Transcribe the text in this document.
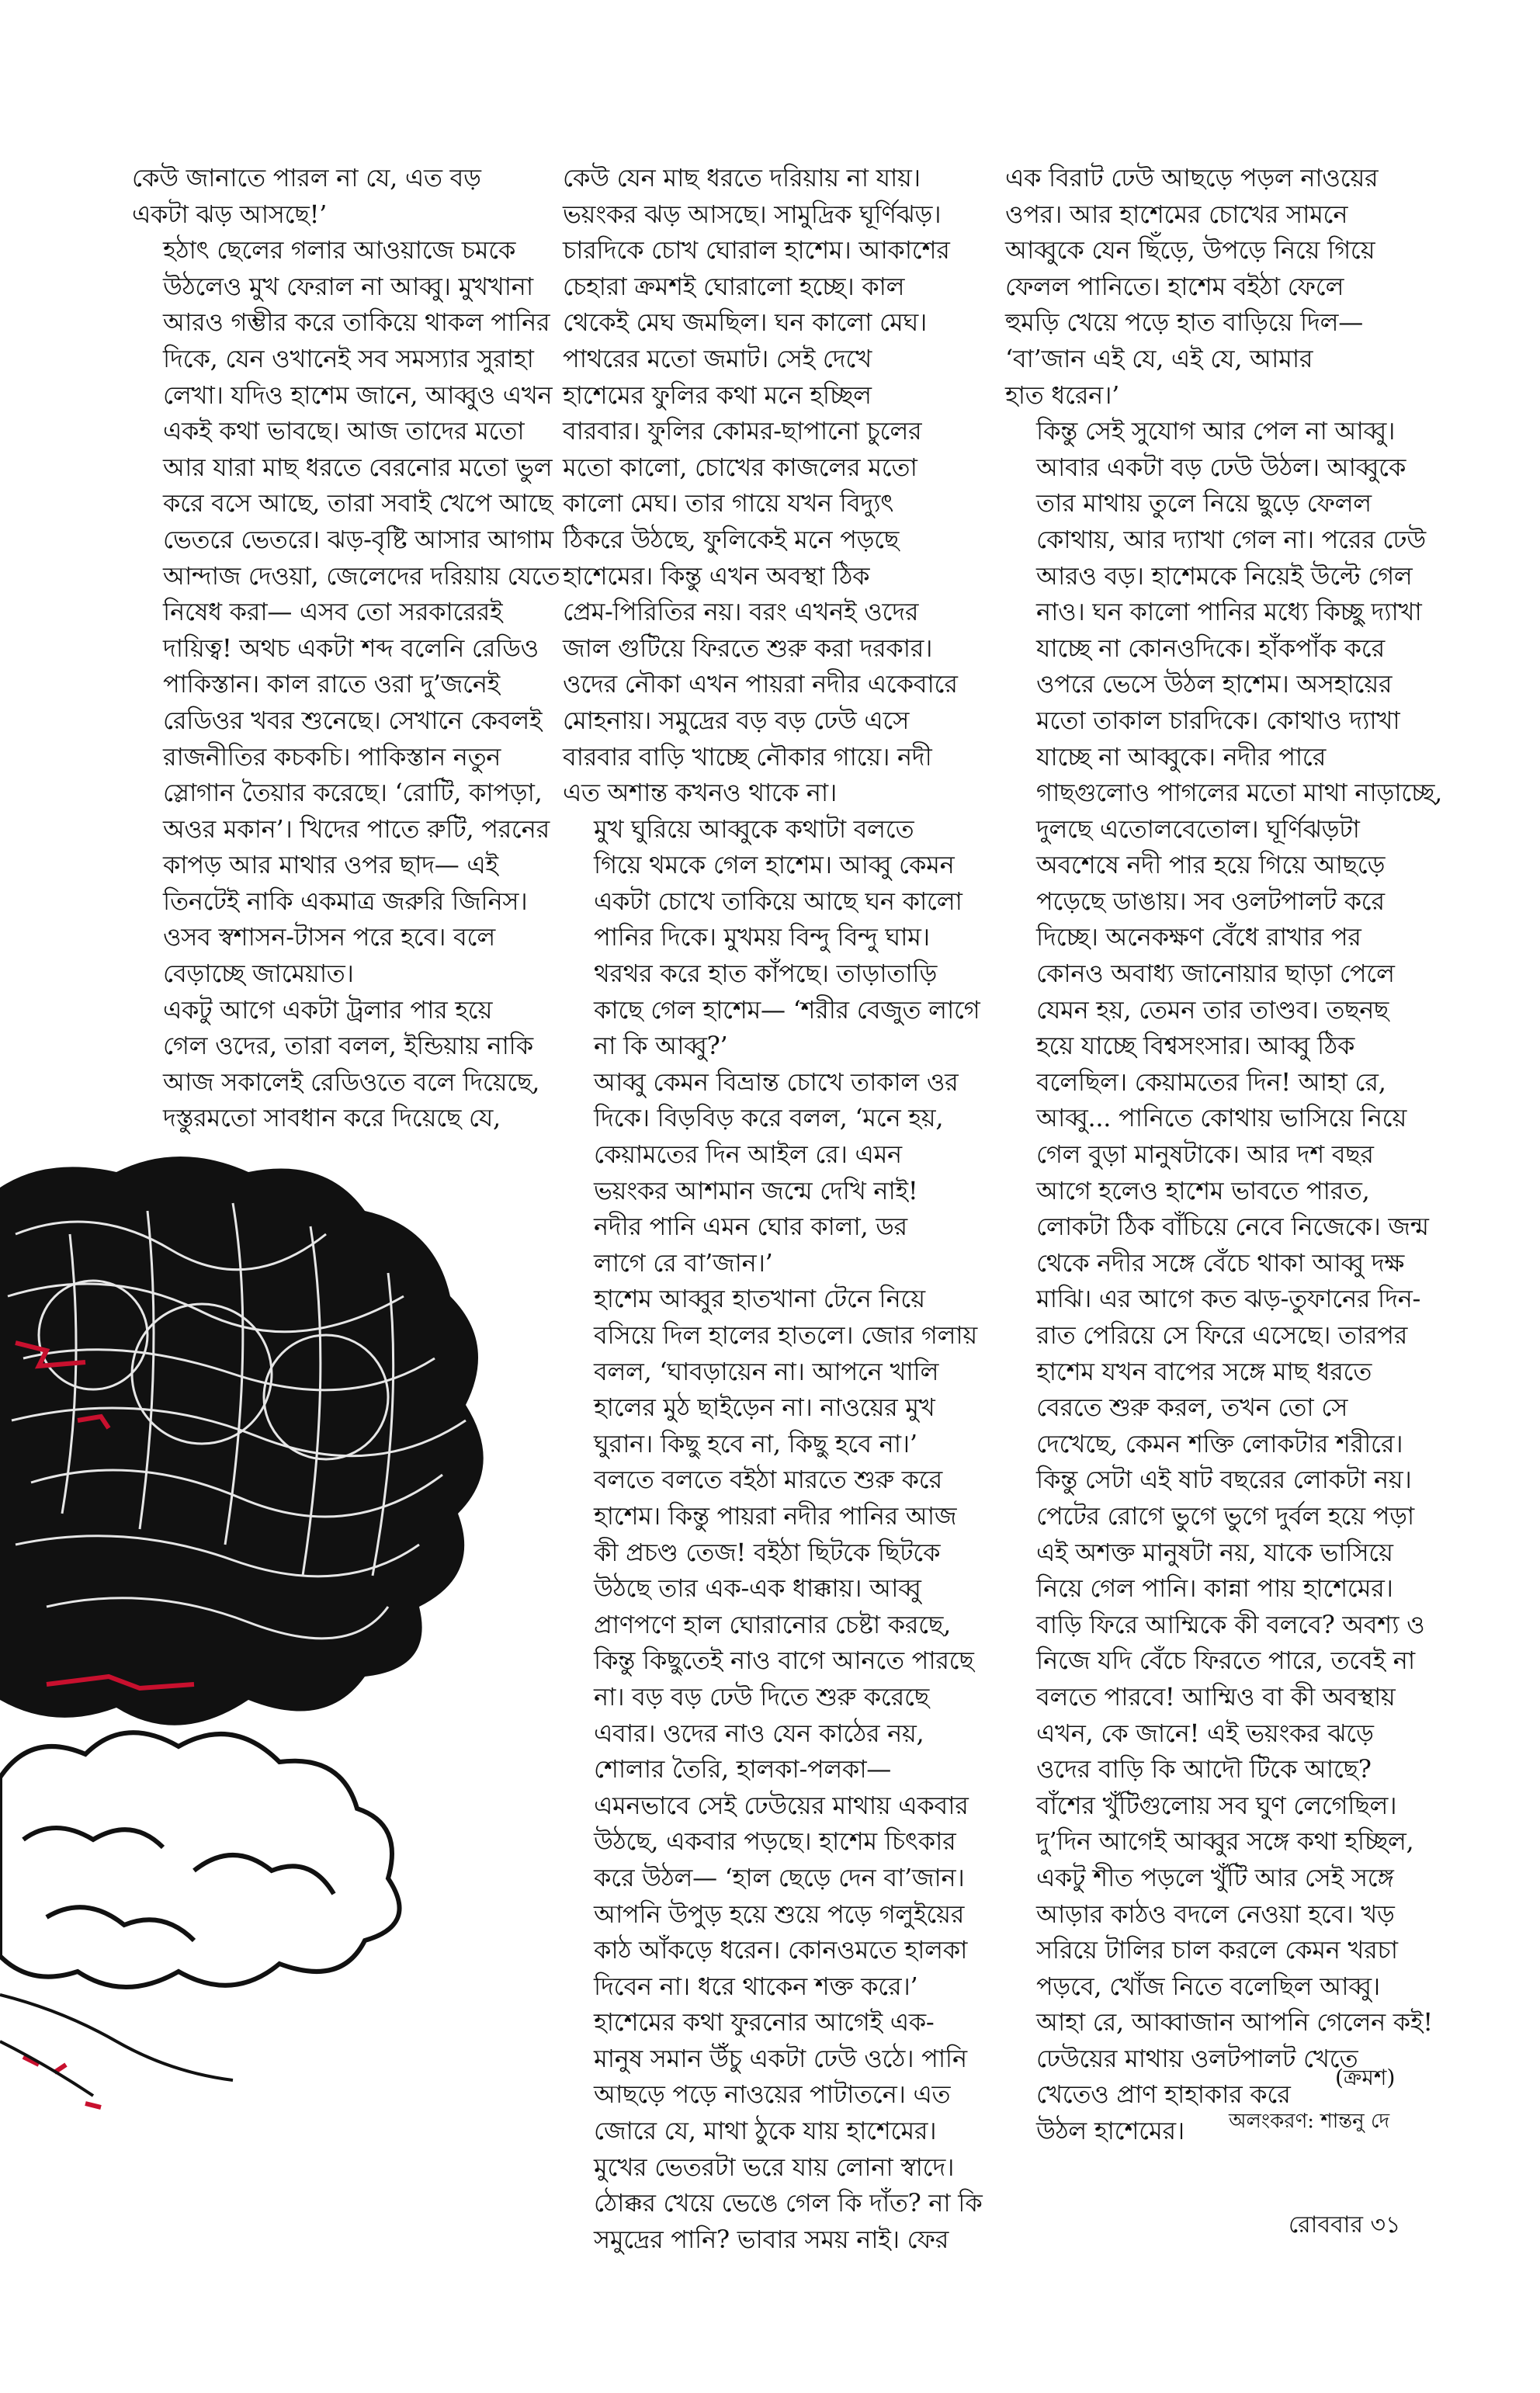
কেউ জানাতে পারল না যে, এত বড়
একটা ঝড় আসছে!’

হঠাৎ ছেলের গলার আওয়াজে চমকে
উঠলেও মুখ ফেরাল না আব্বু। মুখখানা
আরও গম্ভীর করে তাকিয়ে থাকল পানির
দিকে, যেন ওখানেই সব সমস্যার সুরাহা
লেখা। যদিও হাশেম জানে, আব্বুও এখন
একই কথা ভাবছে। আজ তাদের মতো
আর যারা মাছ ধরতে বেরনোর মতো ভুল
করে বসে আছে, তারা সবাই খেপে আছে
ভেতরে ভেতরে। ঝড়-বৃষ্টি আসার আগাম
আন্দাজ দেওয়া, জেলেদের দরিয়ায় যেতে
নিষেধ করা— এসব তো সরকারেরই
দায়িত্ব! অথচ একটা শব্দ বলেনি রেডিও
পাকিস্তান। কাল রাতে ওরা দু’জনেই
রেডিওর খবর শুনেছে। সেখানে কেবলই
রাজনীতির কচকচি। পাকিস্তান নতুন
স্লোগান তৈয়ার করেছে। ‘রোটি, কাপড়া,
অওর মকান’। খিদের পাতে রুটি, পরনের
কাপড় আর মাথার ওপর ছাদ— এই
তিনটেই নাকি একমাত্র জরুরি জিনিস।
ওসব স্বশাসন-টাসন পরে হবে। বলে
বেড়াচ্ছে জামেয়াত।

একটু আগে একটা ট্রলার পার হয়ে
গেল ওদের, তারা বলল, ইন্ডিয়ায় নাকি
আজ সকালেই রেডিওতে বলে দিয়েছে,
দস্তুরমতো সাবধান করে দিয়েছে যে,

কেউ যেন মাছ ধরতে দরিয়ায় না যায়।
ভয়ংকর ঝড় আসছে। সামুদ্রিক ঘূর্ণিঝড়।
চারদিকে চোখ ঘোরাল হাশেম। আকাশের
চেহারা ক্রমশই ঘোরালো হচ্ছে। কাল
থেকেই মেঘ জমছিল। ঘন কালো মেঘ।
পাথরের মতো জমাট। সেই দেখে
হাশেমের ফুলির কথা মনে হচ্ছিল
বারবার। ফুলির কোমর-ছাপানো চুলের
মতো কালো, চোখের কাজলের মতো
কালো মেঘ। তার গায়ে যখন বিদ্যুৎ
ঠিকরে উঠছে, ফুলিকেই মনে পড়ছে
হাশেমের। কিন্তু এখন অবস্থা ঠিক
প্রেম-পিরিতির নয়। বরং এখনই ওদের
জাল গুটিয়ে ফিরতে শুরু করা দরকার।
ওদের নৌকা এখন পায়রা নদীর একেবারে
মোহনায়। সমুদ্রের বড় বড় ঢেউ এসে
বারবার বাড়ি খাচ্ছে নৌকার গায়ে। নদী
এত অশান্ত কখনও থাকে না।

মুখ ঘুরিয়ে আব্বুকে কথাটা বলতে
গিয়ে থমকে গেল হাশেম। আব্বু কেমন
একটা চোখে তাকিয়ে আছে ঘন কালো
পানির দিকে। মুখময় বিন্দু বিন্দু ঘাম।
থরথর করে হাত কাঁপছে। তাড়াতাড়ি
কাছে গেল হাশেম— ‘শরীর বেজুত লাগে
না কি আব্বু?’

আব্বু কেমন বিভ্রান্ত চোখে তাকাল ওর
দিকে। বিড়বিড় করে বলল, ‘মনে হয়,
কেয়ামতের দিন আইল রে। এমন
ভয়ংকর আশমান জন্মে দেখি নাই!
নদীর পানি এমন ঘোর কালা, ডর
লাগে রে বা’জান।’

হাশেম আব্বুর হাতখানা টেনে নিয়ে
বসিয়ে দিল হালের হাতলে। জোর গলায়
বলল, ‘ঘাবড়ায়েন না। আপনে খালি
হালের মুঠ ছাইড়েন না। নাওয়ের মুখ
ঘুরান। কিছু হবে না, কিছু হবে না।’
বলতে বলতে বইঠা মারতে শুরু করে
হাশেম। কিন্তু পায়রা নদীর পানির আজ
কী প্রচণ্ড তেজ! বইঠা ছিটকে ছিটকে
উঠছে তার এক-এক ধাক্কায়। আব্বু
প্রাণপণে হাল ঘোরানোর চেষ্টা করছে,
কিন্তু কিছুতেই নাও বাগে আনতে পারছে
না। বড় বড় ঢেউ দিতে শুরু করেছে
এবার। ওদের নাও যেন কাঠের নয়,
শোলার তৈরি, হালকা-পলকা—
এমনভাবে সেই ঢেউয়ের মাথায় একবার
উঠছে, একবার পড়ছে। হাশেম চিৎকার
করে উঠল— ‘হাল ছেড়ে দেন বা’জান।
আপনি উপুড় হয়ে শুয়ে পড়ে গলুইয়ের
কাঠ আঁকড়ে ধরেন। কোনওমতে হালকা
দিবেন না। ধরে থাকেন শক্ত করে।’

হাশেমের কথা ফুরনোর আগেই এক-
মানুষ সমান উঁচু একটা ঢেউ ওঠে। পানি
আছড়ে পড়ে নাওয়ের পাটাতনে। এত
জোরে যে, মাথা ঠুকে যায় হাশেমের।
মুখের ভেতরটা ভরে যায় লোনা স্বাদে।
ঠোক্কর খেয়ে ভেঙে গেল কি দাঁত? না কি
সমুদ্রের পানি? ভাবার সময় নাই। ফের

এক বিরাট ঢেউ আছড়ে পড়ল নাওয়ের
ওপর। আর হাশেমের চোখের সামনে
আব্বুকে যেন ছিঁড়ে, উপড়ে নিয়ে গিয়ে
ফেলল পানিতে। হাশেম বইঠা ফেলে
হুমড়ি খেয়ে পড়ে হাত বাড়িয়ে দিল—
‘বা’জান এই যে, এই যে, আমার
হাত ধরেন।’

কিন্তু সেই সুযোগ আর পেল না আব্বু।
আবার একটা বড় ঢেউ উঠল। আব্বুকে
তার মাথায় তুলে নিয়ে ছুড়ে ফেলল
কোথায়, আর দ্যাখা গেল না। পরের ঢেউ
আরও বড়। হাশেমকে নিয়েই উল্টে গেল
নাও। ঘন কালো পানির মধ্যে কিচ্ছু দ্যাখা
যাচ্ছে না কোনওদিকে। হাঁকপাঁক করে
ওপরে ভেসে উঠল হাশেম। অসহায়ের
মতো তাকাল চারদিকে। কোথাও দ্যাখা
যাচ্ছে না আব্বুকে। নদীর পারে
গাছগুলোও পাগলের মতো মাথা নাড়াচ্ছে,
দুলছে এতোলবেতোল। ঘূর্ণিঝড়টা
অবশেষে নদী পার হয়ে গিয়ে আছড়ে
পড়েছে ডাঙায়। সব ওলটপালট করে
দিচ্ছে। অনেকক্ষণ বেঁধে রাখার পর
কোনও অবাধ্য জানোয়ার ছাড়া পেলে
যেমন হয়, তেমন তার তাণ্ডব। তছনছ
হয়ে যাচ্ছে বিশ্বসংসার। আব্বু ঠিক
বলেছিল। কেয়ামতের দিন! আহা রে,
আব্বু... পানিতে কোথায় ভাসিয়ে নিয়ে
গেল বুড়া মানুষটাকে। আর দশ বছর
আগে হলেও হাশেম ভাবতে পারত,
লোকটা ঠিক বাঁচিয়ে নেবে নিজেকে। জন্ম
থেকে নদীর সঙ্গে বেঁচে থাকা আব্বু দক্ষ
মাঝি। এর আগে কত ঝড়-তুফানের দিন-
রাত পেরিয়ে সে ফিরে এসেছে। তারপর
হাশেম যখন বাপের সঙ্গে মাছ ধরতে
বেরতে শুরু করল, তখন তো সে
দেখেছে, কেমন শক্তি লোকটার শরীরে।
কিন্তু সেটা এই ষাট বছরের লোকটা নয়।
পেটের রোগে ভুগে ভুগে দুর্বল হয়ে পড়া
এই অশক্ত মানুষটা নয়, যাকে ভাসিয়ে
নিয়ে গেল পানি। কান্না পায় হাশেমের।
বাড়ি ফিরে আম্মিকে কী বলবে? অবশ্য ও
নিজে যদি বেঁচে ফিরতে পারে, তবেই না
বলতে পারবে! আম্মিও বা কী অবস্থায়
এখন, কে জানে! এই ভয়ংকর ঝড়ে
ওদের বাড়ি কি আদৌ টিকে আছে?
বাঁশের খুঁটিগুলোয় সব ঘুণ লেগেছিল।
দু’দিন আগেই আব্বুর সঙ্গে কথা হচ্ছিল,
একটু শীত পড়লে খুঁটি আর সেই সঙ্গে
আড়ার কাঠও বদলে নেওয়া হবে। খড়
সরিয়ে টালির চাল করলে কেমন খরচা
পড়বে, খোঁজ নিতে বলেছিল আব্বু।
আহা রে, আব্বাজান আপনি গেলেন কই!
ঢেউয়ের মাথায় ওলটপালট খেতে
খেতেও প্রাণ হাহাকার করে
উঠল হাশেমের।

(ক্রমশ)
অলংকরণ: শান্তনু দে
রোববার ৩১
